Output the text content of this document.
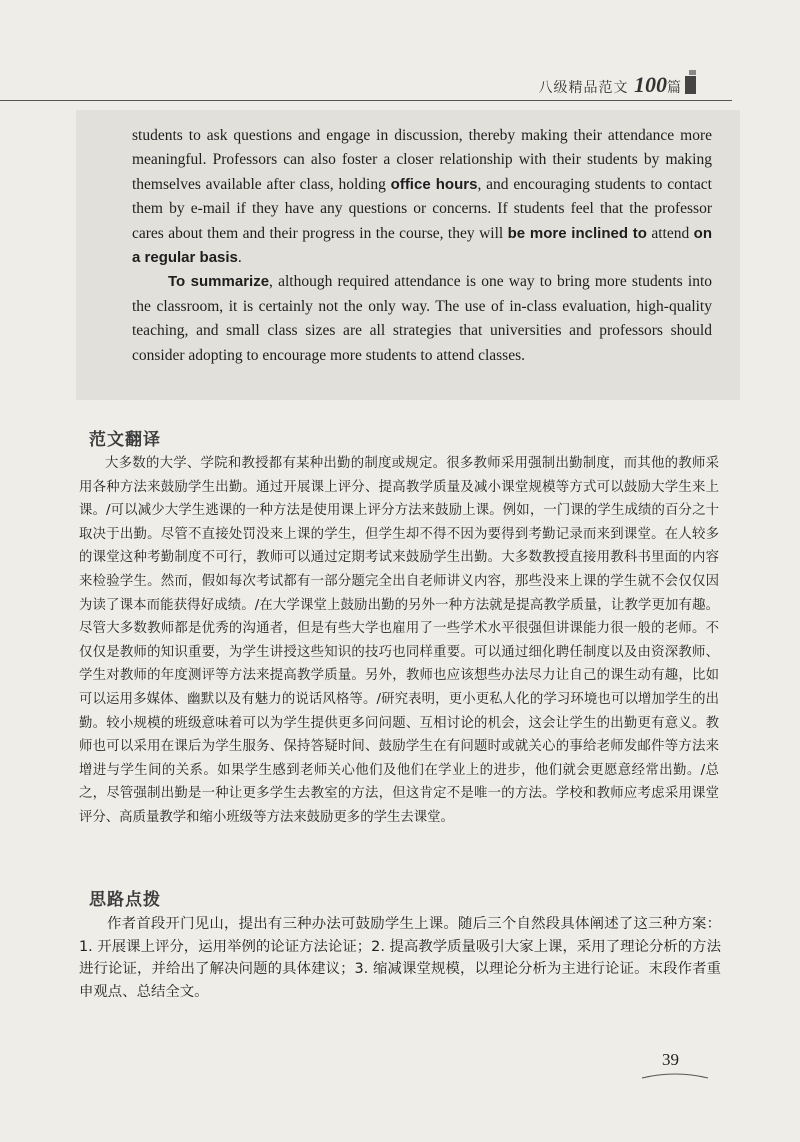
八级精品范文 100篇

students to ask questions and engage in discussion, thereby making their attendance more meaningful. Professors can also foster a closer relationship with their students by making themselves available after class, holding office hours, and encouraging students to contact them by e-mail if they have any questions or concerns. If students feel that the professor cares about them and their progress in the course, they will be more inclined to attend on a regular basis.

To summarize, although required attendance is one way to bring more students into the classroom, it is certainly not the only way. The use of in-class evaluation, high-quality teaching, and small class sizes are all strategies that universities and professors should consider adopting to encourage more students to attend classes.

范文翻译
大多数的大学、学院和教授都有某种出勤的制度或规定。很多教师采用强制出勤制度，而其他的教师采用各种方法来鼓励学生出勤。通过开展课上评分、提高教学质量及减小课堂规模等方式可以鼓励大学生来上课。/可以减少大学生逃课的一种方法是使用课上评分方法来鼓励上课。例如，一门课的学生成绩的百分之十取决于出勤。尽管不直接处罚没来上课的学生，但学生却不得不因为要得到考勤记录而来到课堂。在人较多的课堂这种考勤制度不可行，教师可以通过定期考试来鼓励学生出勤。大多数教授直接用教科书里面的内容来检验学生。然而，假如每次考试都有一部分题完全出自老师讲义内容，那些没来上课的学生就不会仅仅因为读了课本而能获得好成绩。/在大学课堂上鼓励出勤的另外一种方法就是提高教学质量，让教学更加有趣。尽管大多数教师都是优秀的沟通者，但是有些大学也雇用了一些学术水平很强但讲课能力很一般的老师。不仅仅是教师的知识重要，为学生讲授这些知识的技巧也同样重要。可以通过细化聘任制度以及由资深教师、学生对教师的年度测评等方法来提高教学质量。另外，教师也应该想些办法尽力让自己的课生动有趣，比如可以运用多媒体、幽默以及有魅力的说话风格等。/研究表明，更小更私人化的学习环境也可以增加学生的出勤。较小规模的班级意味着可以为学生提供更多问问题、互相讨论的机会，这会让学生的出勤更有意义。教师也可以采用在课后为学生服务、保持答疑时间、鼓励学生在有问题时或就关心的事给老师发邮件等方法来增进与学生间的关系。如果学生感到老师关心他们及他们在学业上的进步，他们就会更愿意经常出勤。/总之，尽管强制出勤是一种让更多学生去教室的方法，但这肯定不是唯一的方法。学校和教师应考虑采用课堂评分、高质量教学和缩小班级等方法来鼓励更多的学生去课堂。
思路点拨
作者首段开门见山，提出有三种办法可鼓励学生上课。随后三个自然段具体阐述了这三种方案：1. 开展课上评分，运用举例的论证方法论证；2. 提高教学质量吸引大家上课，采用了理论分析的方法进行论证，并给出了解决问题的具体建议；3. 缩减课堂规模，以理论分析为主进行论证。末段作者重申观点、总结全文。
39
